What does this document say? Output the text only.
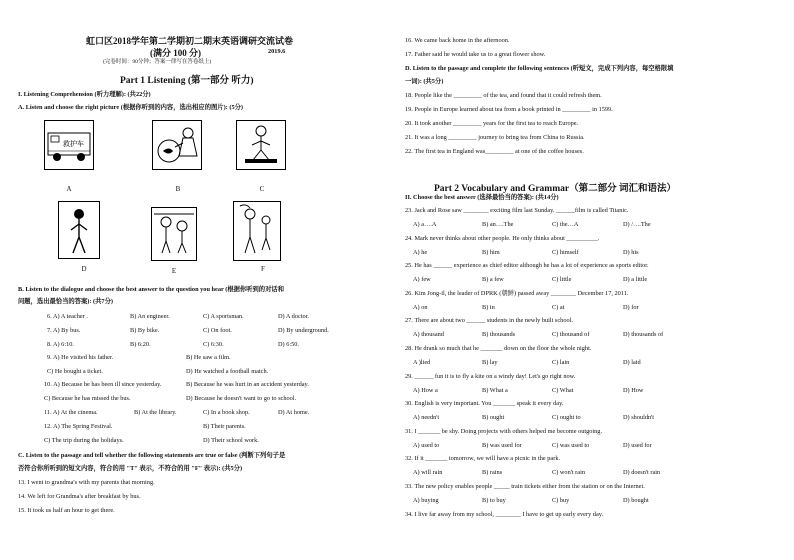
虹口区2018学年第二学期初二期末英语调研交流试卷
(满分 100 分)	2019.6
(完卷时间：90分钟；答案一律写在答卷纸上)
Part 1 Listening (第一部分 听力)
I. Listening Comprehension (听力理解): (共22分)
A. Listen and choose the right picture (根据你听到的内容，选出相应的图片): (5分)
救护车
A	B	C
D	E	F
B. Listen to the dialogue and choose the best answer to the question you hear (根据你听到的对话和
问题，选出最恰当的答案): (共7分)
6. A) A teacher .	B) An engineer.	C) A sportsman.	D) A doctor.
7. A) By bus.	B) By bike.	C) On foot.	D) By underground.
8. A) 6:10.	B) 6:20.	C) 6:30.	D) 6:50.
9. A) He visited his father.	B) He saw a film.
C) He bought a ticket.	D) He watched a football match.
10. A) Because he has been ill since yesterday.	B) Because he was hurt in an accident yesterday.
C) Because he has missed the bus.	D) Because he doesn't want to go to school.
11. A) At the cinema.	B) At the library.	C) In a book shop.	D) At home.
12. A) The Spring Festival.	B) Their parents.
C) The trip during the holidays.	D) Their school work.
C. Listen to the passage and tell whether the following statements are true or false (判断下列句子是
否符合你所听到的短文内容，符合的用 "T" 表示，不符合的用 "F" 表示): (共5分)
13. I went to grandma's with my parents that morning.
14. We left for Grandma's after breakfast by bus.
15. It took us half an hour to get there.
16. We came back home in the afternoon.
17. Father said he would take us to a great flower show.
D. Listen to the passage and complete the following sentences (听短文，完成下列内容，每空格限填
一词): (共5分)
18. People like the _________ of the tea, and found that it could refresh them.
19. People in Europe learned about tea from a book printed in _________ in 1599.
20. It took another _________ years for the first tea to reach Europe.
21. It was a long _________ journey to bring tea from China to Russia.
22. The first tea in England was_________ at one of the coffee houses.
Part 2 Vocabulary and Grammar（第二部分 词汇和语法）
II. Choose the best answer (选择最恰当的答案): (共14分)
23. Jack and Rose saw ________ exciting film last Sunday. ______film is called Titanic.
A) a….A	B) an….The	C) the…A	D) /….The
24. Mark never thinks about other people. He only thinks about __________.
A) he	B) him	C) himself	D) his
25. He has ______ experience as chief editor although he has a lot of experience as sports editor.
A) few	B) a few	C) little	D) a little
26. Kim Jong-il, the leader of DPRK (朝鲜) passed away ________ December 17, 2011.
A) on	B) in	C) at	D) for
27. There are about two ______ students in the newly built school.
A) thousand	B) thousands	C) thousand of	D) thousands of
28. He drank so much that he _______ down on the floor the whole night.
A )lied	B) lay	C) lain	D) laid
29. ______ fun it is to fly a kite on a windy day! Let's go right now.
A) How a	B) What a	C) What	D) How
30. English is very important. You _______ speak it every day.
A) needn't	B) ought	C) ought to	D) shouldn't
31. I _______ be shy. Doing projects with others helped me become outgoing.
A) used to	B) was used for	C) was used to	D) used for
32. If it _______ tomorrow, we will have a picnic in the park.
A) will rain	B) rains	C) won't rain	D) doesn't rain
33. The new policy enables people _____ train tickets either from the station or on the Internet.
A) buying	B) to buy	C) buy	D) bought
34. I live far away from my school, ________ I have to get up early every day.
